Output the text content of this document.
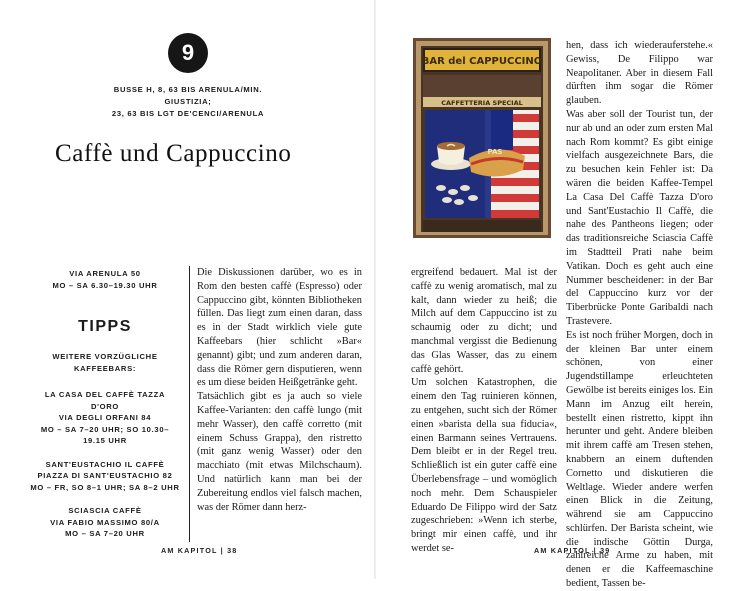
9
BUSSE H, 8, 63 BIS ARENULA/MIN. GIUSTIZIA;
23, 63 BIS LGT DE'CENCI/ARENULA
Caffè und Cappuccino
VIA ARENULA 50
MO – SA 6.30–19.30 UHR
TIPPS
WEITERE VORZÜGLICHE KAFFEEBARS:
LA CASA DEL CAFFÈ TAZZA D'ORO
VIA DEGLI ORFANI 84
MO – SA 7–20 UHR; SO 10.30–19.15 UHR
SANT'EUSTACHIO IL CAFFÈ
PIAZZA DI SANT'EUSTACHIO 82
MO – FR, SO 8–1 UHR; SA 8–2 UHR
SCIASCIA CAFFÈ
VIA FABIO MASSIMO 80/A
MO – SA 7–20 UHR

Die Diskussionen darüber, wo es in Rom den besten caffè (Espresso) oder Cappuccino gibt, könnten Bibliotheken füllen. Das liegt zum einen daran, dass es in der Stadt wirklich viele gute Kaffeebars (hier schlicht »Bar« genannt) gibt; und zum anderen daran, dass die Römer gern disputieren, wenn es um diese beiden Heißgetränke geht.

Tatsächlich gibt es ja auch so viele Kaffee-Varianten: den caffè lungo (mit mehr Wasser), den caffè corretto (mit einem Schuss Grappa), den ristretto (mit ganz wenig Wasser) oder den macchiato (mit etwas Milchschaum). Und natürlich kann man bei der Zubereitung endlos viel falsch machen, was der Römer dann herz-

AM KAPITOL | 38
BAR del CAPPUCCINO
CAFFETTERIA SPECIAL
PAS

ergreifend bedauert. Mal ist der caffè zu wenig aromatisch, mal zu kalt, dann wieder zu heiß; die Milch auf dem Cappuccino ist zu schaumig oder zu dicht; und manchmal vergisst die Bedienung das Glas Wasser, das zu einem caffè gehört.

Um solchen Katastrophen, die einem den Tag ruinieren können, zu entgehen, sucht sich der Römer einen »barista della sua fiducia«, einen Barmann seines Vertrauens. Dem bleibt er in der Regel treu. Schließlich ist ein guter caffè eine Überlebensfrage – und womöglich noch mehr. Dem Schauspieler Eduardo De Filippo wird der Satz zugeschrieben: »Wenn ich sterbe, bringt mir einen caffè, und ihr werdet se-

hen, dass ich wiederauferstehe.« Gewiss, De Filippo war Neapolitaner. Aber in diesem Fall dürften ihm sogar die Römer glauben.

Was aber soll der Tourist tun, der nur ab und an oder zum ersten Mal nach Rom kommt? Es gibt einige vielfach ausgezeichnete Bars, die zu besuchen kein Fehler ist: Da wären die beiden Kaffee-Tempel La Casa Del Caffè Tazza D'oro und Sant'Eustachio Il Caffè, die nahe des Pantheons liegen; oder das traditionsreiche Sciascia Caffè im Stadtteil Prati nahe beim Vatikan. Doch es geht auch eine Nummer bescheidener: in der Bar del Cappuccino kurz vor der Tiberbrücke Ponte Garibaldi nach Trastevere.

Es ist noch früher Morgen, doch in der kleinen Bar unter einem schönen, von einer Jugendstillampe erleuchteten Gewölbe ist bereits einiges los. Ein Mann im Anzug eilt herein, bestellt einen ristretto, kippt ihn herunter und geht. Andere bleiben mit ihrem caffè am Tresen stehen, knabbern an einem duftenden Cornetto und diskutieren die Weltlage. Wieder andere werfen einen Blick in die Zeitung, während sie am Cappuccino schlürfen. Der Barista scheint, wie die indische Göttin Durga, zahlreiche Arme zu haben, mit denen er die Kaffeemaschine bedient, Tassen be-

AM KAPITOL | 39
